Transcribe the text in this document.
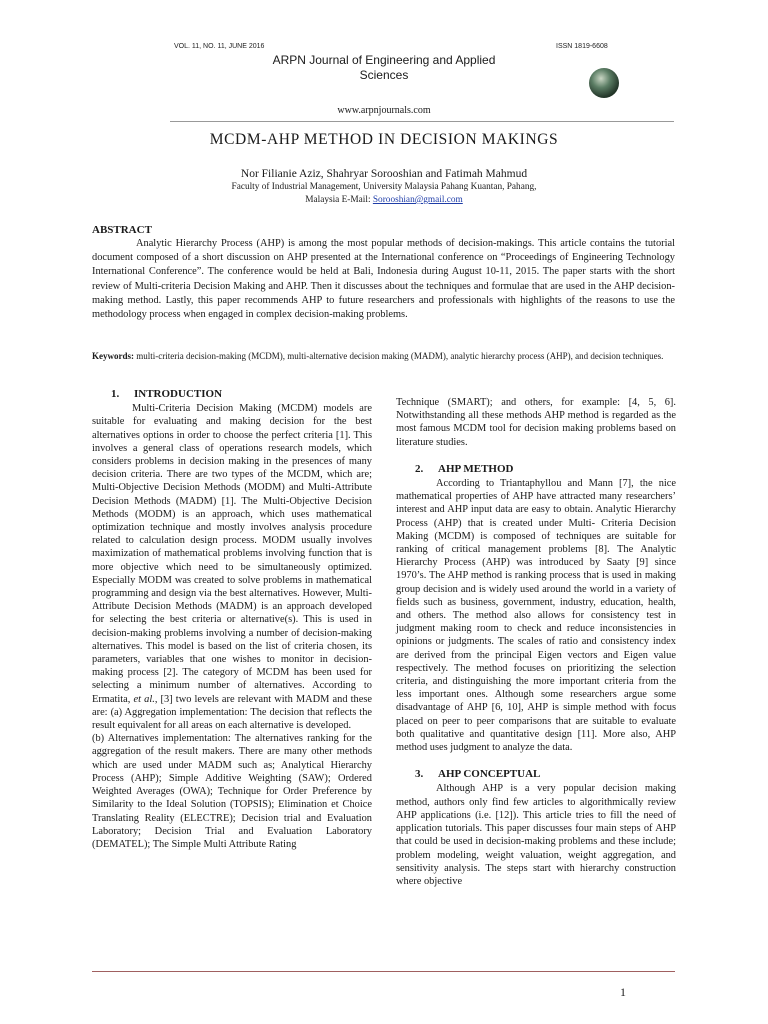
VOL. 11, NO. 11, JUNE 2016	ISSN 1819-6608
ARPN Journal of Engineering and Applied
Sciences
www.arpnjournals.com
MCDM-AHP METHOD IN DECISION MAKINGS
Nor Filianie Aziz, Shahryar Sorooshian and Fatimah Mahmud
Faculty of Industrial Management, University Malaysia Pahang Kuantan, Pahang,
Malaysia E-Mail: Sorooshian@gmail.com
ABSTRACT
Analytic Hierarchy Process (AHP) is among the most popular methods of decision-makings. This article contains the tutorial document composed of a short discussion on AHP presented at the International conference on “Proceedings of Engineering Technology International Conference”. The conference would be held at Bali, Indonesia during August 10-11, 2015. The paper starts with the short review of Multi-criteria Decision Making and AHP. Then it discusses about the techniques and formulae that are used in the AHP decision-making method. Lastly, this paper recommends AHP to future researchers and professionals with highlights of the reasons to use the methodology process when engaged in complex decision-making problems.
Keywords: multi-criteria decision-making (MCDM), multi-alternative decision making (MADM), analytic hierarchy process (AHP), and decision techniques.
1. INTRODUCTION

Multi-Criteria Decision Making (MCDM) models are suitable for evaluating and making decision for the best alternatives options in order to choose the perfect criteria [1]. This involves a general class of operations research models, which considers problems in decision making in the presences of many decision criteria. There are two types of the MCDM, which are; Multi-Objective Decision Methods (MODM) and Multi-Attribute Decision Methods (MADM) [1]. The Multi-Objective Decision Methods (MODM) is an approach, which uses mathematical optimization technique and mostly involves analysis procedure related to calculation design process. MODM usually involves maximization of mathematical problems involving function that is more objective which need to be simultaneously optimized. Especially MODM was created to solve problems in mathematical programming and design via the best alternatives. However, Multi-Attribute Decision Methods (MADM) is an approach developed for selecting the best criteria or alternative(s). This is used in decision-making problems involving a number of decision-making alternatives. This model is based on the list of criteria chosen, its parameters, variables that one wishes to monitor in decision-making process [2]. The category of MCDM has been used for selecting a minimum number of alternatives. According to Ermatita, et al., [3] two levels are relevant with MADM and these are: (a) Aggregation implementation: The decision that reflects the result equivalent for all areas on each alternative is developed.

(b) Alternatives implementation: The alternatives ranking for the aggregation of the result makers. There are many other methods which are used under MADM such as; Analytical Hierarchy Process (AHP); Simple Additive Weighting (SAW); Ordered Weighted Averages (OWA); Technique for Order Preference by Similarity to the Ideal Solution (TOPSIS); Elimination et Choice Translating Reality (ELECTRE); Decision trial and Evaluation Laboratory; Decision Trial and Evaluation Laboratory (DEMATEL); The Simple Multi Attribute Rating

Technique (SMART); and others, for example: [4, 5, 6]. Notwithstanding all these methods AHP method is regarded as the most famous MCDM tool for decision making problems based on literature studies.

2. AHP METHOD

According to Triantaphyllou and Mann [7], the nice mathematical properties of AHP have attracted many researchers’ interest and AHP input data are easy to obtain. Analytic Hierarchy Process (AHP) that is created under Multi- Criteria Decision Making (MCDM) is composed of techniques are suitable for ranking of critical management problems [8]. The Analytic Hierarchy Process (AHP) was introduced by Saaty [9] since 1970’s. The AHP method is ranking process that is used in making group decision and is widely used around the world in a variety of fields such as business, government, industry, education, health, and others. The method also allows for consistency test in judgment making room to check and reduce inconsistencies in opinions or judgments. The scales of ratio and consistency index are derived from the principal Eigen vectors and Eigen value respectively. The method focuses on prioritizing the selection criteria, and distinguishing the more important criteria from the less important ones. Although some researchers argue some disadvantage of AHP [6, 10], AHP is simple method with focus placed on peer to peer comparisons that are suitable to evaluate both qualitative and quantitative design [11]. More also, AHP method uses judgment to analyze the data.

3. AHP CONCEPTUAL

Although AHP is a very popular decision making method, authors only find few articles to algorithmically review AHP applications (i.e. [12]). This article tries to fill the need of application tutorials. This paper discusses four main steps of AHP that could be used in decision-making problems and these include; problem modeling, weight valuation, weight aggregation, and sensitivity analysis. The steps start with hierarchy construction where objective

1
